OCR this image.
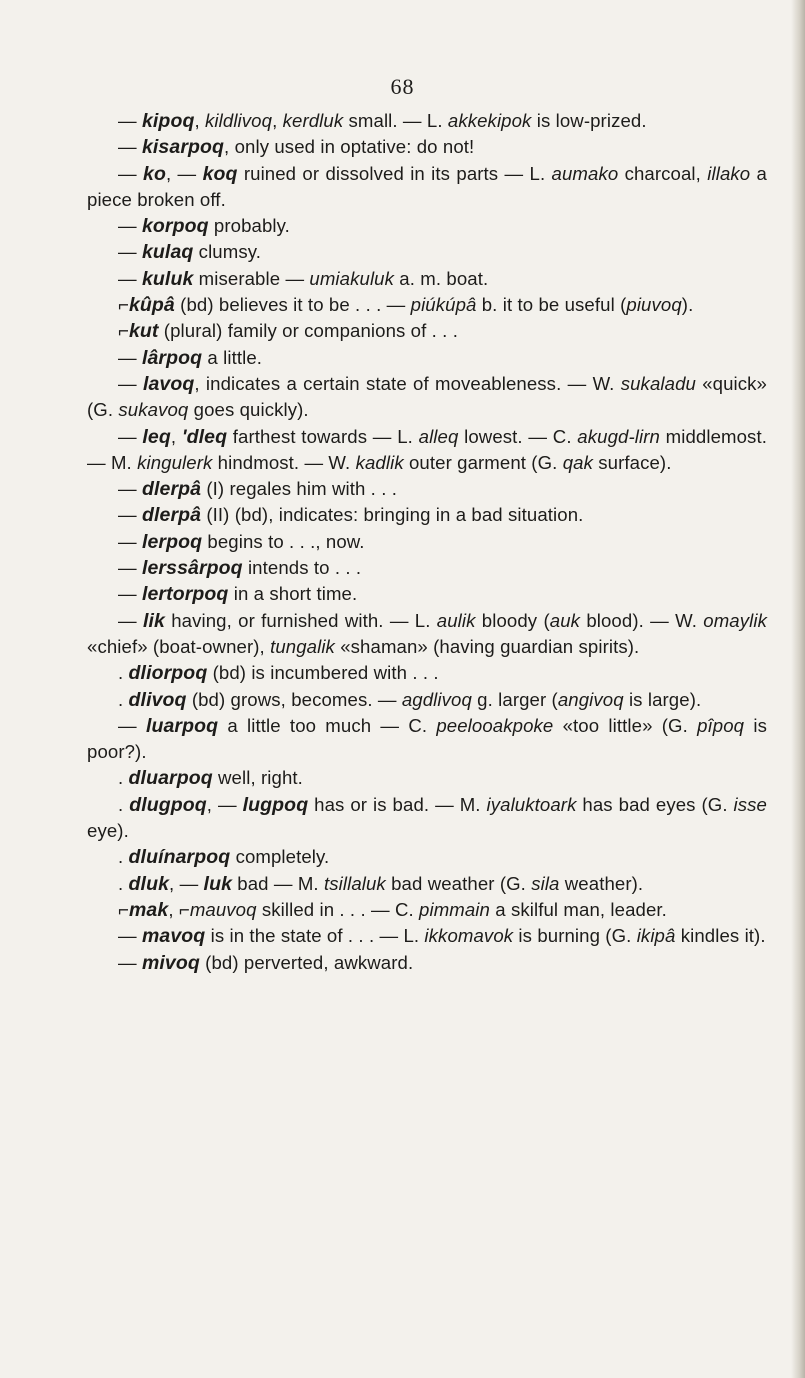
68

— kipoq, kildlivoq, kerdluk small. — L. akkekipok is low-prized.

— kisarpoq, only used in optative: do not!

— ko, — koq ruined or dissolved in its parts — L. aumako charcoal, illako a piece broken off.

— korpoq probably.

— kulaq clumsy.

— kuluk miserable — umiakuluk a. m. boat.

⌐kûpâ (bd) believes it to be . . . — piúkúpâ b. it to be useful (piuvoq).

⌐kut (plural) family or companions of . . .

— lârpoq a little.

— lavoq, indicates a certain state of moveableness. — W. sukaladu «quick» (G. sukavoq goes quickly).

— leq, 'dleq farthest towards — L. alleq lowest. — C. akugd-lirn middlemost. — M. kingulerk hindmost. — W. kadlik outer garment (G. qak surface).

— dlerpâ (I) regales him with . . .

— dlerpâ (II) (bd), indicates: bringing in a bad situation.

— lerpoq begins to . . ., now.

— lerssârpoq intends to . . .

— lertorpoq in a short time.

— lik having, or furnished with. — L. aulik bloody (auk blood). — W. omaylik «chief» (boat-owner), tungalik «shaman» (having guardian spirits).

. dliorpoq (bd) is incumbered with . . .

. dlivoq (bd) grows, becomes. — agdlivoq g. larger (angivoq is large).

— luarpoq a little too much — C. peelooakpoke «too little» (G. pîpoq is poor?).

. dluarpoq well, right.

. dlugpoq, — lugpoq has or is bad. — M. iyaluktoark has bad eyes (G. isse eye).

. dluínarpoq completely.

. dluk, — luk bad — M. tsillaluk bad weather (G. sila weather).

⌐mak, ⌐mauvoq skilled in . . . — C. pimmain a skilful man, leader.

— mavoq is in the state of . . . — L. ikkomavok is burning (G. ikipâ kindles it).

— mivoq (bd) perverted, awkward.
